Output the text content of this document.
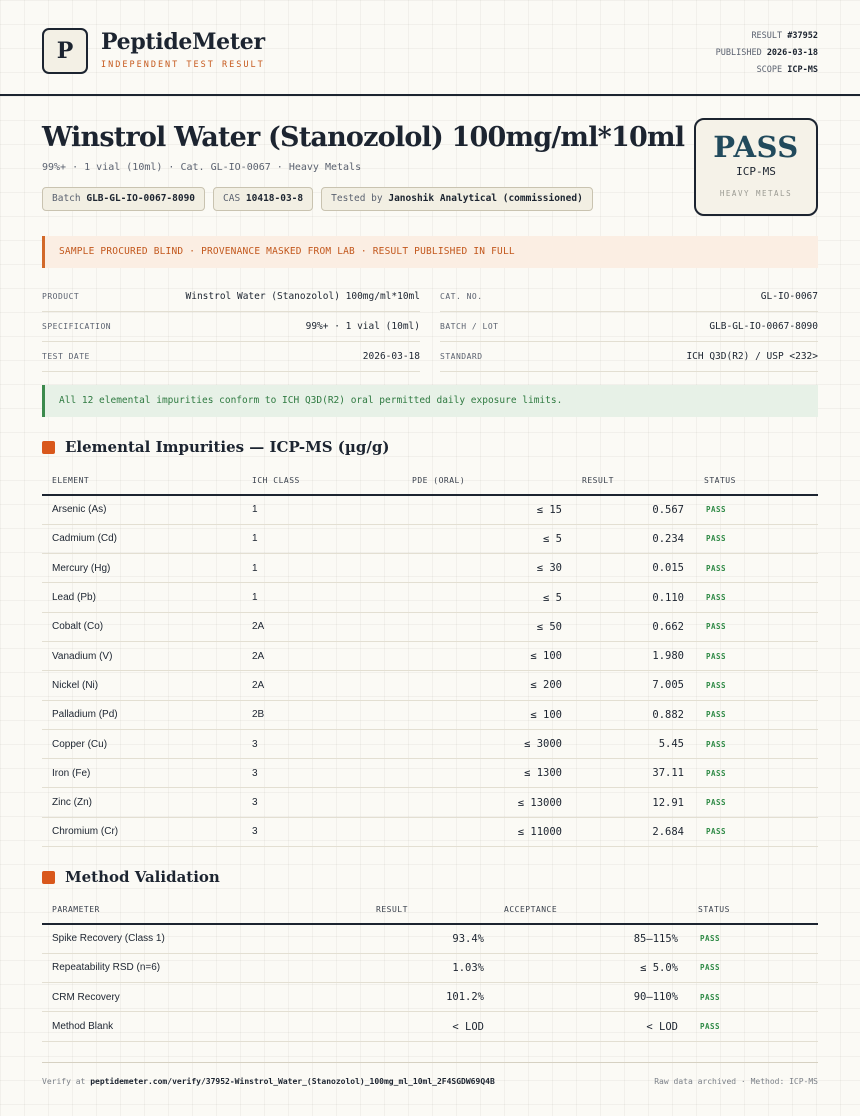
P PeptideMeter
INDEPENDENT TEST RESULT
RESULT #37952
PUBLISHED 2026-03-18
SCOPE ICP-MS
Winstrol Water (Stanozolol) 100mg/ml*10ml
99%+ · 1 vial (10ml) · Cat. GL-IO-0067 · Heavy Metals
Batch GLB-GL-IO-0067-8090	CAS 10418-03-8	Tested by Janoshik Analytical (commissioned)
PASS
ICP-MS
HEAVY METALS
SAMPLE PROCURED BLIND · PROVENANCE MASKED FROM LAB · RESULT PUBLISHED IN FULL
PRODUCT	Winstrol Water (Stanozolol) 100mg/ml*10ml	CAT. NO.	GL-IO-0067
SPECIFICATION	99%+ · 1 vial (10ml)	BATCH / LOT	GLB-GL-IO-0067-8090
TEST DATE	2026-03-18	STANDARD	ICH Q3D(R2) / USP <232>
All 12 elemental impurities conform to ICH Q3D(R2) oral permitted daily exposure limits.
Elemental Impurities — ICP-MS (µg/g)
ELEMENT	ICH CLASS	PDE (ORAL)	RESULT	STATUS
Arsenic (As)	1	≤ 15	0.567	PASS
Cadmium (Cd)	1	≤ 5	0.234	PASS
Mercury (Hg)	1	≤ 30	0.015	PASS
Lead (Pb)	1	≤ 5	0.110	PASS
Cobalt (Co)	2A	≤ 50	0.662	PASS
Vanadium (V)	2A	≤ 100	1.980	PASS
Nickel (Ni)	2A	≤ 200	7.005	PASS
Palladium (Pd)	2B	≤ 100	0.882	PASS
Copper (Cu)	3	≤ 3000	5.45	PASS
Iron (Fe)	3	≤ 1300	37.11	PASS
Zinc (Zn)	3	≤ 13000	12.91	PASS
Chromium (Cr)	3	≤ 11000	2.684	PASS
Method Validation
PARAMETER	RESULT	ACCEPTANCE	STATUS
Spike Recovery (Class 1)	93.4%	85–115%	PASS
Repeatability RSD (n=6)	1.03%	≤ 5.0%	PASS
CRM Recovery	101.2%	90–110%	PASS
Method Blank	< LOD	< LOD	PASS
Verify at peptidemeter.com/verify/37952-Winstrol_Water_(Stanozolol)_100mg_ml_10ml_2F4SGDW69Q4B	Raw data archived · Method: ICP-MS
